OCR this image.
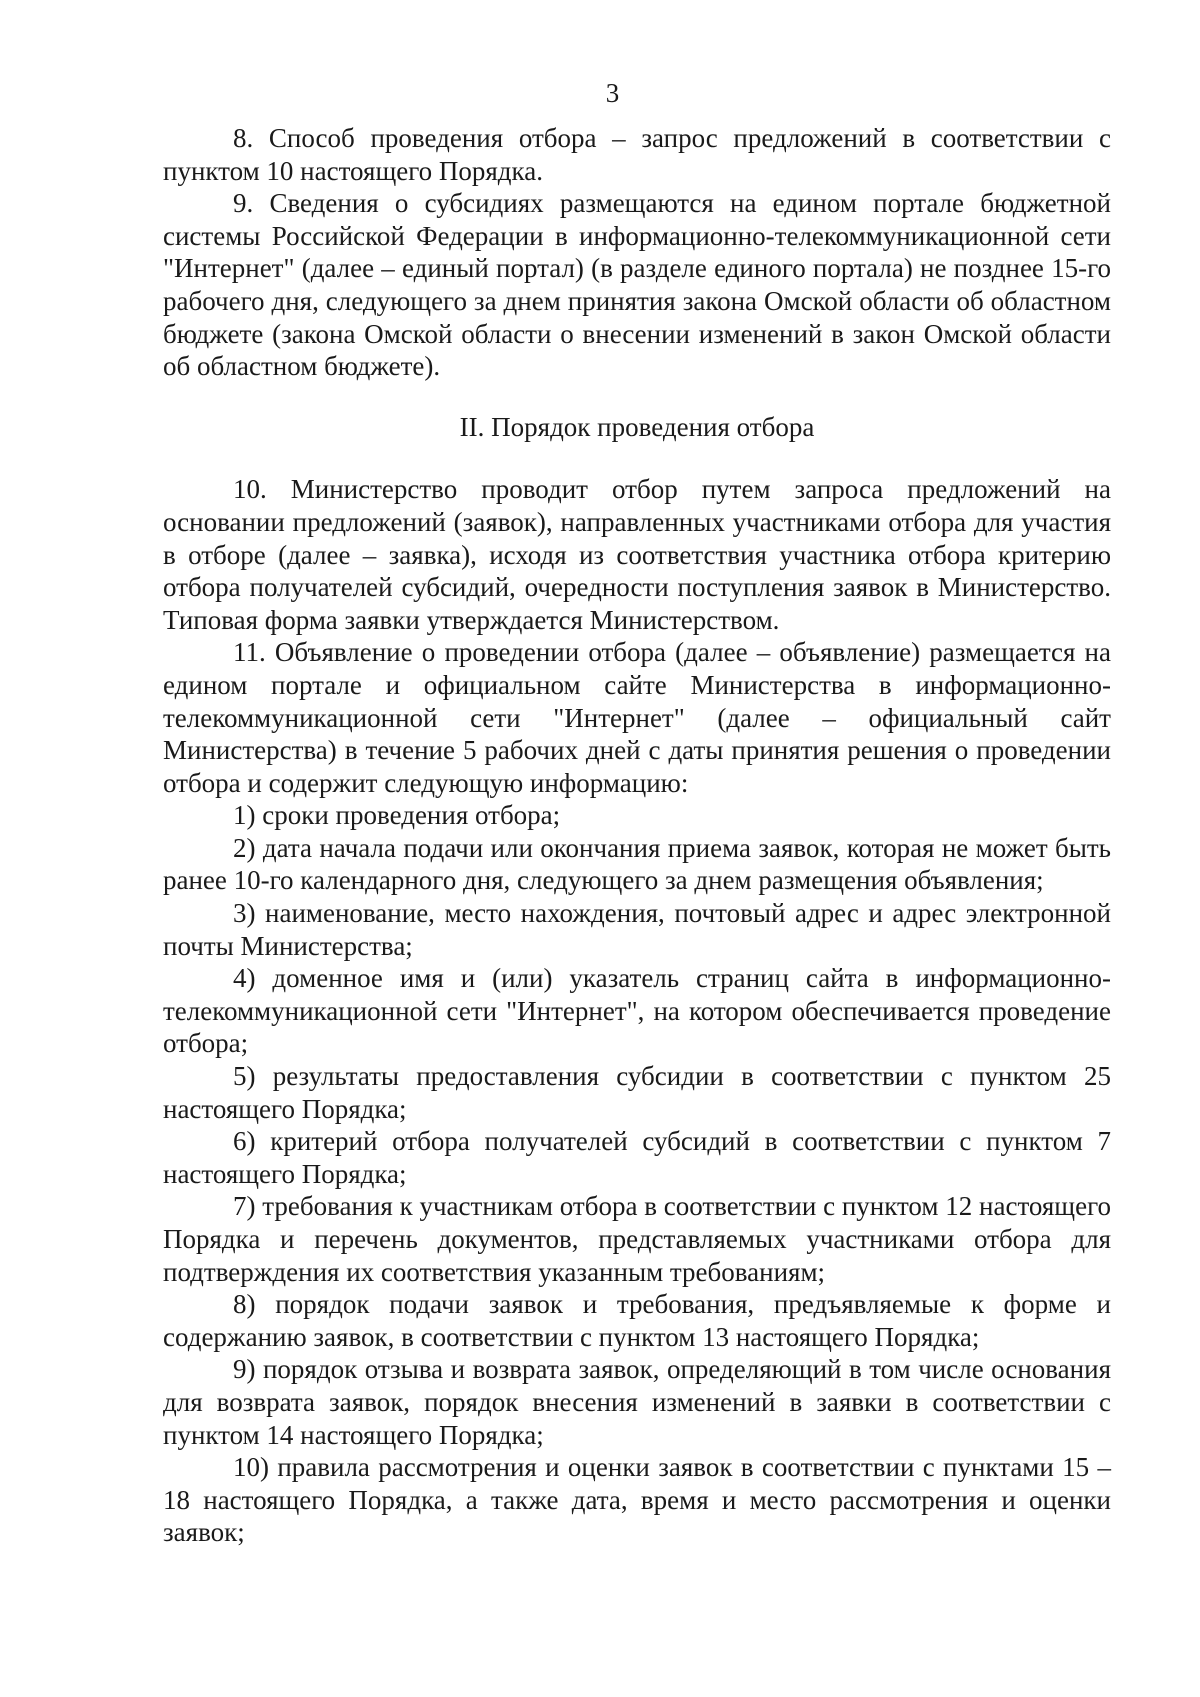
3

8. Способ проведения отбора – запрос предложений в соответствии с пунктом 10 настоящего Порядка.

9. Сведения о субсидиях размещаются на едином портале бюджетной системы Российской Федерации в информационно-телекоммуникационной сети "Интернет" (далее – единый портал) (в разделе единого портала) не позднее 15-го рабочего дня, следующего за днем принятия закона Омской области об областном бюджете (закона Омской области о внесении изменений в закон Омской области об областном бюджете).

II. Порядок проведения отбора

10. Министерство проводит отбор путем запроса предложений на основании предложений (заявок), направленных участниками отбора для участия в отборе (далее – заявка), исходя из соответствия участника отбора критерию отбора получателей субсидий, очередности поступления заявок в Министерство. Типовая форма заявки утверждается Министерством.

11. Объявление о проведении отбора (далее – объявление) размещается на едином портале и официальном сайте Министерства в информационно-телекоммуникационной сети "Интернет" (далее – официальный сайт Министерства) в течение 5 рабочих дней с даты принятия решения о проведении отбора и содержит следующую информацию:

1) сроки проведения отбора;

2) дата начала подачи или окончания приема заявок, которая не может быть ранее 10-го календарного дня, следующего за днем размещения объявления;

3) наименование, место нахождения, почтовый адрес и адрес электронной почты Министерства;

4) доменное имя и (или) указатель страниц сайта в информационно-телекоммуникационной сети "Интернет", на котором обеспечивается проведение отбора;

5) результаты предоставления субсидии в соответствии с пунктом 25 настоящего Порядка;

6) критерий отбора получателей субсидий в соответствии с пунктом 7 настоящего Порядка;

7) требования к участникам отбора в соответствии с пунктом 12 настоящего Порядка и перечень документов, представляемых участниками отбора для подтверждения их соответствия указанным требованиям;

8) порядок подачи заявок и требования, предъявляемые к форме и содержанию заявок, в соответствии с пунктом 13 настоящего Порядка;

9) порядок отзыва и возврата заявок, определяющий в том числе основания для возврата заявок, порядок внесения изменений в заявки в соответствии с пунктом 14 настоящего Порядка;

10) правила рассмотрения и оценки заявок в соответствии с пунктами 15 – 18 настоящего Порядка, а также дата, время и место рассмотрения и оценки заявок;
